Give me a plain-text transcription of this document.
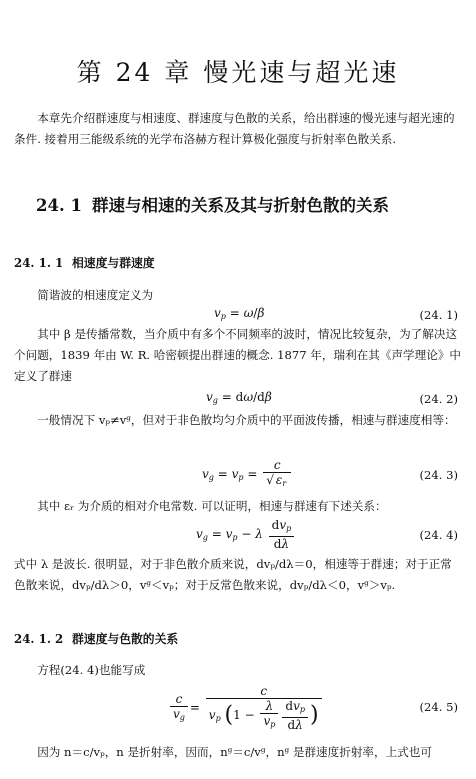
第 24 章 慢光速与超光速

本章先介绍群速度与相速度、群速度与色散的关系，给出群速的慢光速与超光速的条件. 接着用三能级系统的光学布洛赫方程计算极化强度与折射率色散关系.

24. 1 群速与相速的关系及其与折射色散的关系
24. 1. 1 相速度与群速度

简谐波的相速度定义为

$v_p = \omega/\beta$	(24. 1)

其中 β 是传播常数，当介质中有多个不同频率的波时，情况比较复杂，为了解决这个问题，1839 年由 W. R. 哈密顿提出群速的概念. 1877 年，瑞利在其《声学理论》中定义了群速

$v_g = d\omega/d\beta$	(24. 2)

一般情况下 vₚ≠vᵍ，但对于非色散均匀介质中的平面波传播，相速与群速度相等：

$v_g = v_p = \frac{c}{√ \varepsilon_r}$	(24. 3)

其中 εᵣ 为介质的相对介电常数. 可以证明，相速与群速有下述关系：

$v_g = v_p - \lambda \frac{dv_p}{d\lambda}$	(24. 4)

式中 λ 是波长. 很明显，对于非色散介质来说，dvₚ/dλ＝0，相速等于群速；对于正常色散来说，dvₚ/dλ＞0，vᵍ＜vₚ；对于反常色散来说，dvₚ/dλ＜0，vᵍ＞vₚ.

24. 1. 2 群速度与色散的关系

方程(24. 4)也能写成

$\frac{c}{v_g} = \frac{c}{v_p (1 - \frac{\lambda}{v_p} \frac{dv_p}{d\lambda} )}$	(24. 5)

因为 n＝c/vₚ，n 是折射率，因而，nᵍ＝c/vᵍ，nᵍ 是群速度折射率，上式也可
